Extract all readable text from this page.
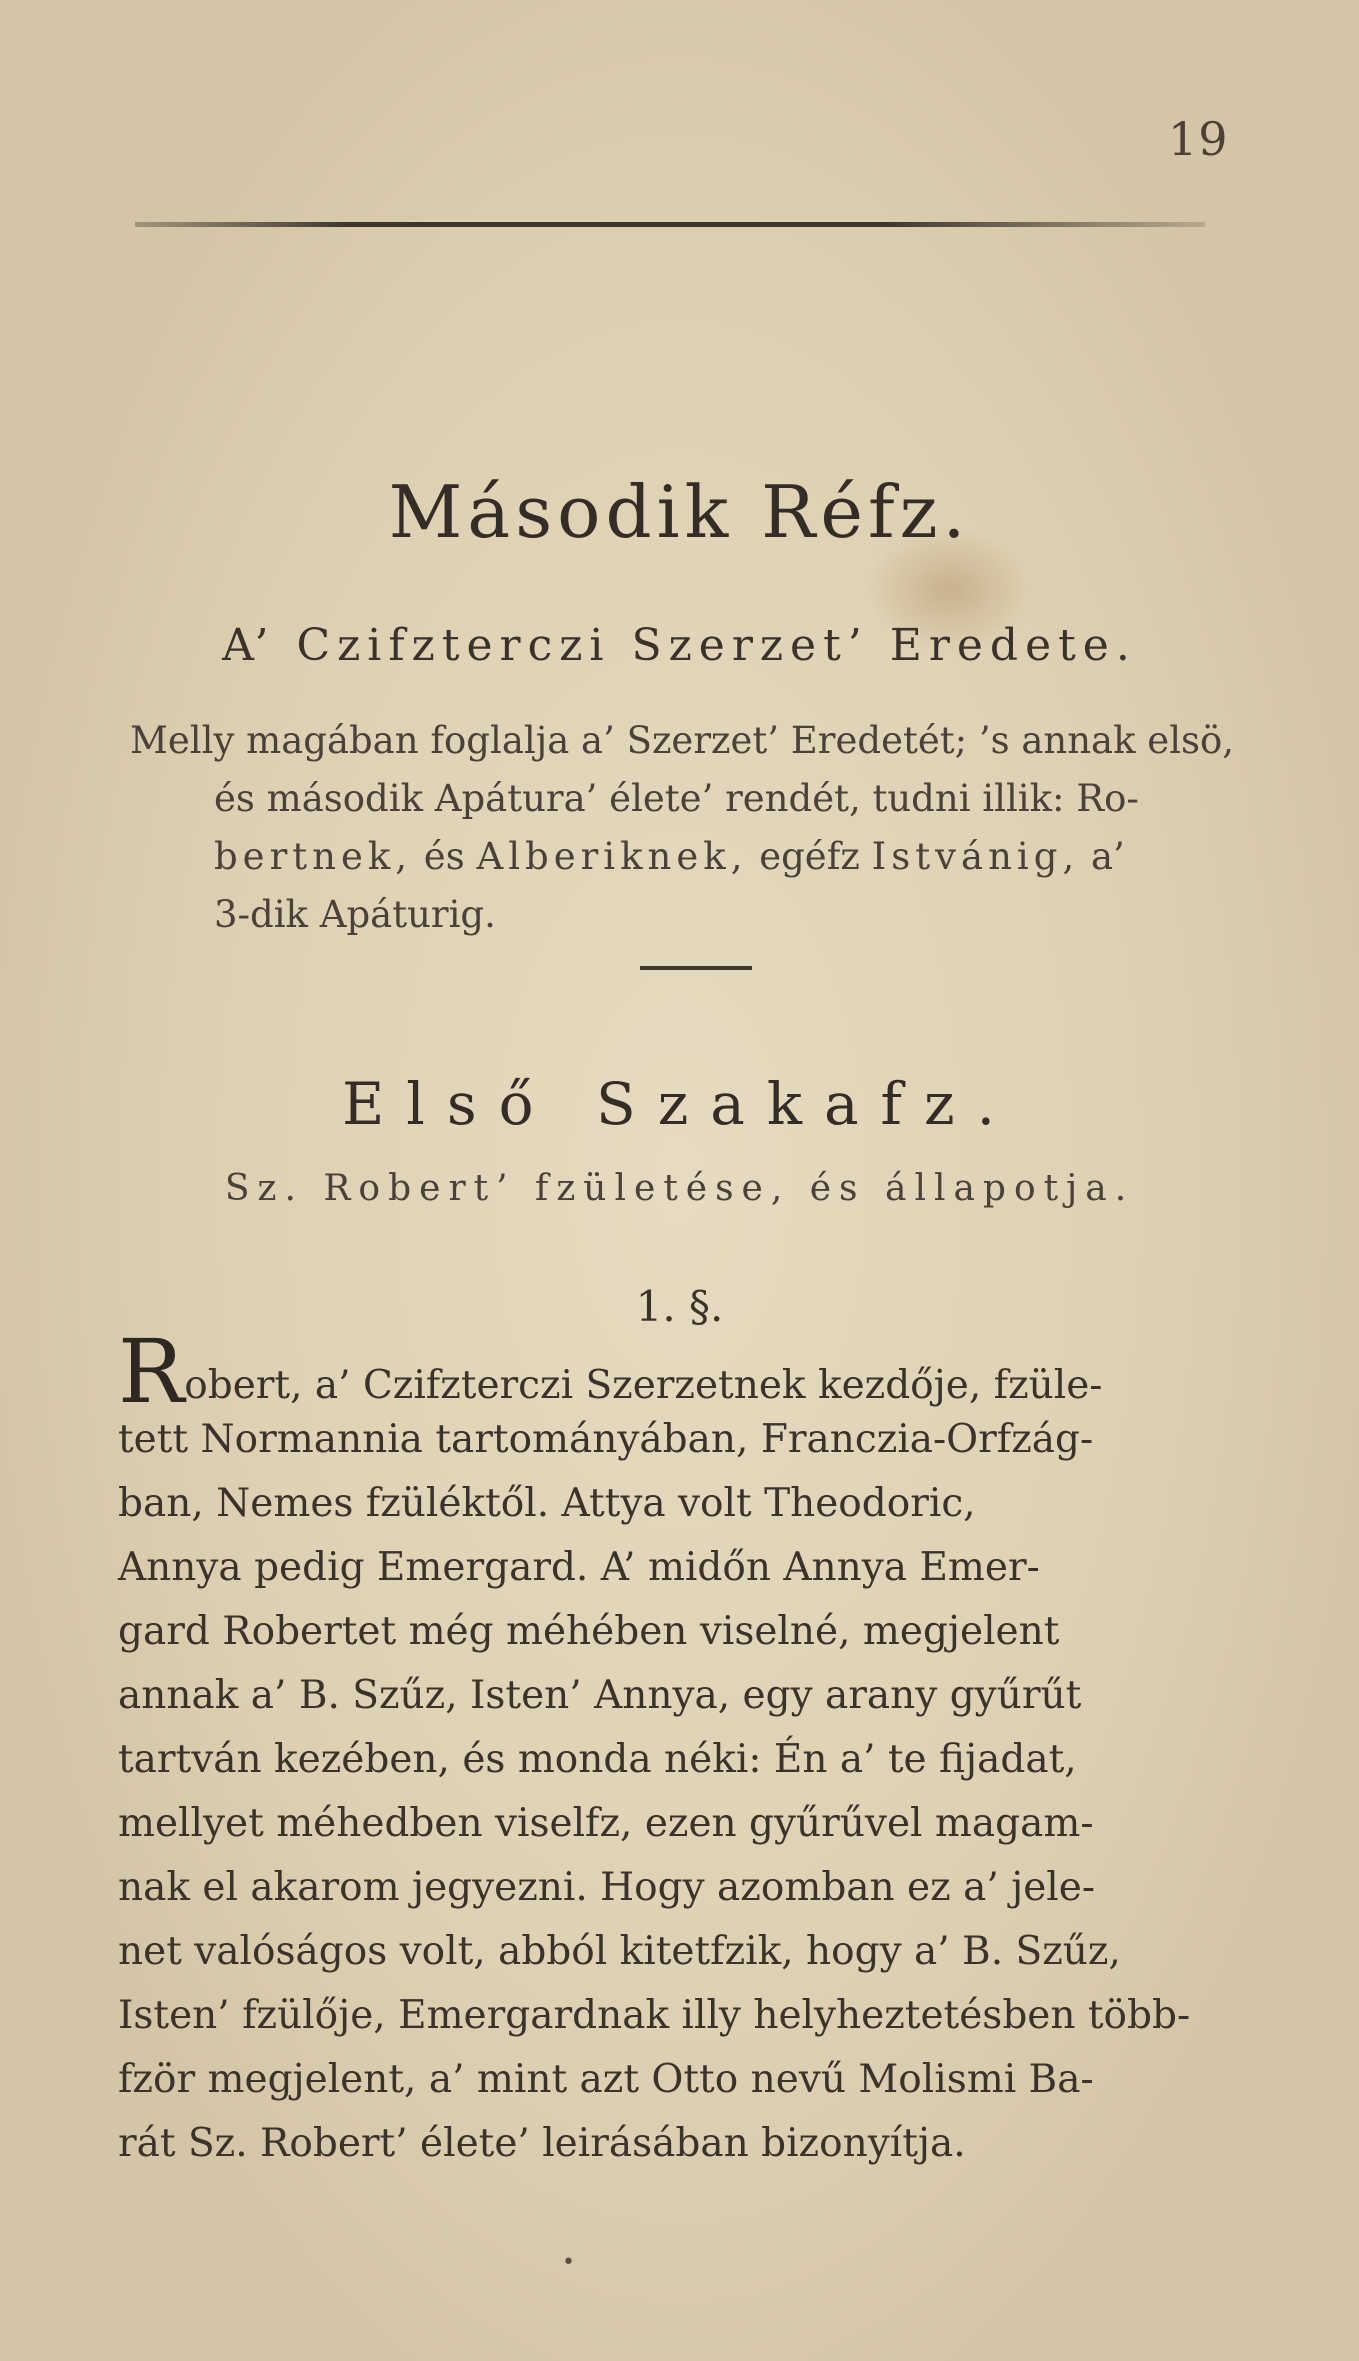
19
Második Réfz.
A’ Czifzterczi Szerzet’ Eredete.
Melly magában foglalja a’ Szerzet’ Eredetét; ’s annak elsö,
és második Apátura’ élete’ rendét, tudni illik: Ro-
bertnek, és Alberiknek, egéfz Istvánig, a’
3-dik Apáturig.
Első Szakafz.
Sz. Robert’ fzületése, és állapotja.
1. §.
Robert, a’ Czifzterczi Szerzetnek kezdője, fzüle-
tett Normannia tartományában, Franczia-Orfzág-
ban, Nemes fzüléktől. Attya volt Theodoric,
Annya pedig Emergard. A’ midőn Annya Emer-
gard Robertet még méhében viselné, megjelent
annak a’ B. Szűz, Isten’ Annya, egy arany gyűrűt
tartván kezében, és monda néki: Én a’ te fijadat,
mellyet méhedben viselfz, ezen gyűrűvel magam-
nak el akarom jegyezni. Hogy azomban ez a’ jele-
net valóságos volt, abból kitetfzik, hogy a’ B. Szűz,
Isten’ fzülője, Emergardnak illy helyheztetésben több-
fzör megjelent, a’ mint azt Otto nevű Molismi Ba-
rát Sz. Robert’ élete’ leirásában bizonyítja.
•
